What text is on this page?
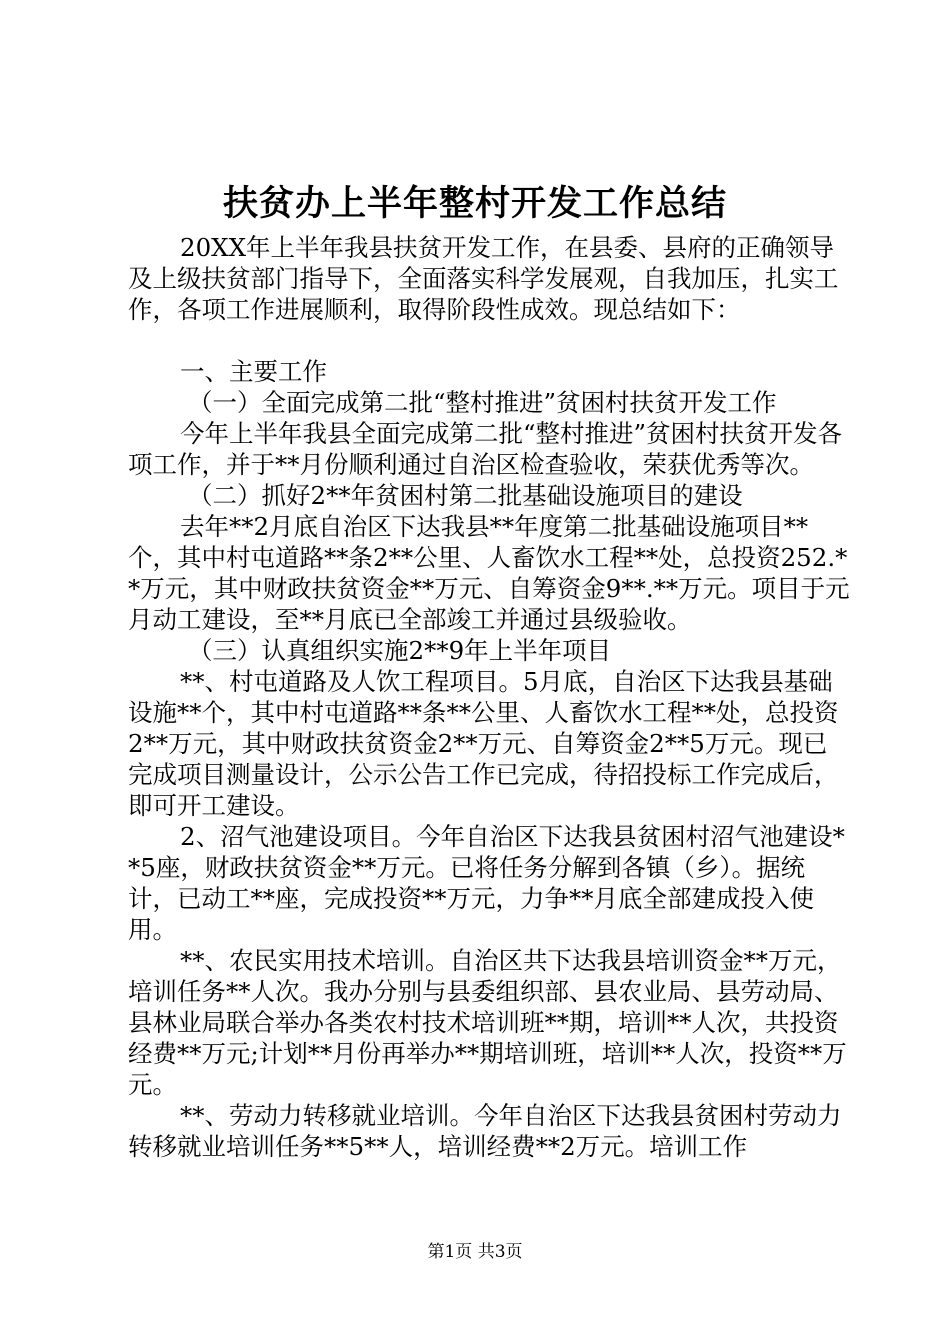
扶贫办上半年整村开发工作总结

20XX年上半年我县扶贫开发工作，在县委、县府的正确领导及上级扶贫部门指导下，全面落实科学发展观，自我加压，扎实工作，各项工作进展顺利，取得阶段性成效。现总结如下：

一、主要工作

（一）全面完成第二批“整村推进”贫困村扶贫开发工作

今年上半年我县全面完成第二批“整村推进”贫困村扶贫开发各项工作，并于**月份顺利通过自治区检查验收，荣获优秀等次。

（二）抓好2**年贫困村第二批基础设施项目的建设

去年**2月底自治区下达我县**年度第二批基础设施项目**个，其中村屯道路**条2**公里、人畜饮水工程**处，总投资252.**万元，其中财政扶贫资金**万元、自筹资金9**.**万元。项目于元月动工建设，至**月底已全部竣工并通过县级验收。

（三）认真组织实施2**9年上半年项目

**、村屯道路及人饮工程项目。5月底，自治区下达我县基础设施**个，其中村屯道路**条**公里、人畜饮水工程**处，总投资2**万元，其中财政扶贫资金2**万元、自筹资金2**5万元。现已完成项目测量设计，公示公告工作已完成，待招投标工作完成后，即可开工建设。

2、沼气池建设项目。今年自治区下达我县贫困村沼气池建设**5座，财政扶贫资金**万元。已将任务分解到各镇（乡）。据统计，已动工**座，完成投资**万元，力争**月底全部建成投入使用。

**、农民实用技术培训。自治区共下达我县培训资金**万元，培训任务**人次。我办分别与县委组织部、县农业局、县劳动局、县林业局联合举办各类农村技术培训班**期，培训**人次，共投资经费**万元;计划**月份再举办**期培训班，培训**人次，投资**万元。

**、劳动力转移就业培训。今年自治区下达我县贫困村劳动力转移就业培训任务**5**人，培训经费**2万元。培训工作

第1页 共3页
